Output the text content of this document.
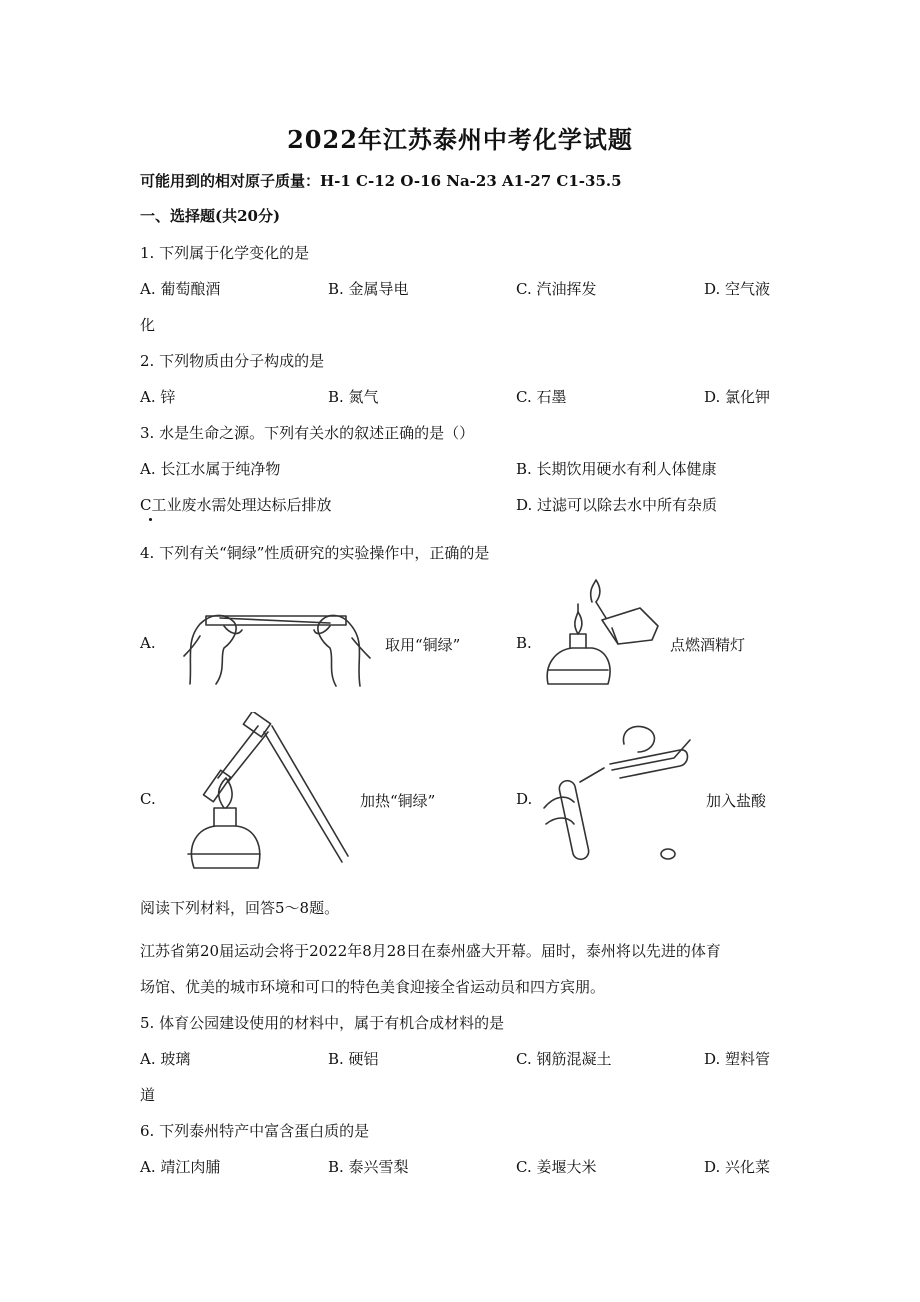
2022年江苏泰州中考化学试题
可能用到的相对原子质量：H-1 C-12 O-16 Na-23 A1-27 C1-35.5
一、选择题(共20分)
1. 下列属于化学变化的是
A. 葡萄酿酒	B. 金属导电	C. 汽油挥发	D. 空气液
化
2. 下列物质由分子构成的是
A. 锌	B. 氮气	C. 石墨	D. 氯化钾
3. 水是生命之源。下列有关水的叙述正确的是（）
A. 长江水属于纯净物	B. 长期饮用硬水有利人体健康
C工业废水需处理达标后排放	D. 过滤可以除去水中所有杂质
4. 下列有关“铜绿”性质研究的实验操作中，正确的是
A.	取用“铜绿”	B.	点燃酒精灯
C.	加热“铜绿”	D.	加入盐酸
阅读下列材料，回答5～8题。
江苏省第20届运动会将于2022年8月28日在泰州盛大开幕。届时，泰州将以先进的体育
场馆、优美的城市环境和可口的特色美食迎接全省运动员和四方宾朋。
5. 体育公园建设使用的材料中，属于有机合成材料的是
A. 玻璃	B. 硬铝	C. 钢筋混凝土	D. 塑料管
道
6. 下列泰州特产中富含蛋白质的是
A. 靖江肉脯	B. 泰兴雪梨	C. 姜堰大米	D. 兴化菜
